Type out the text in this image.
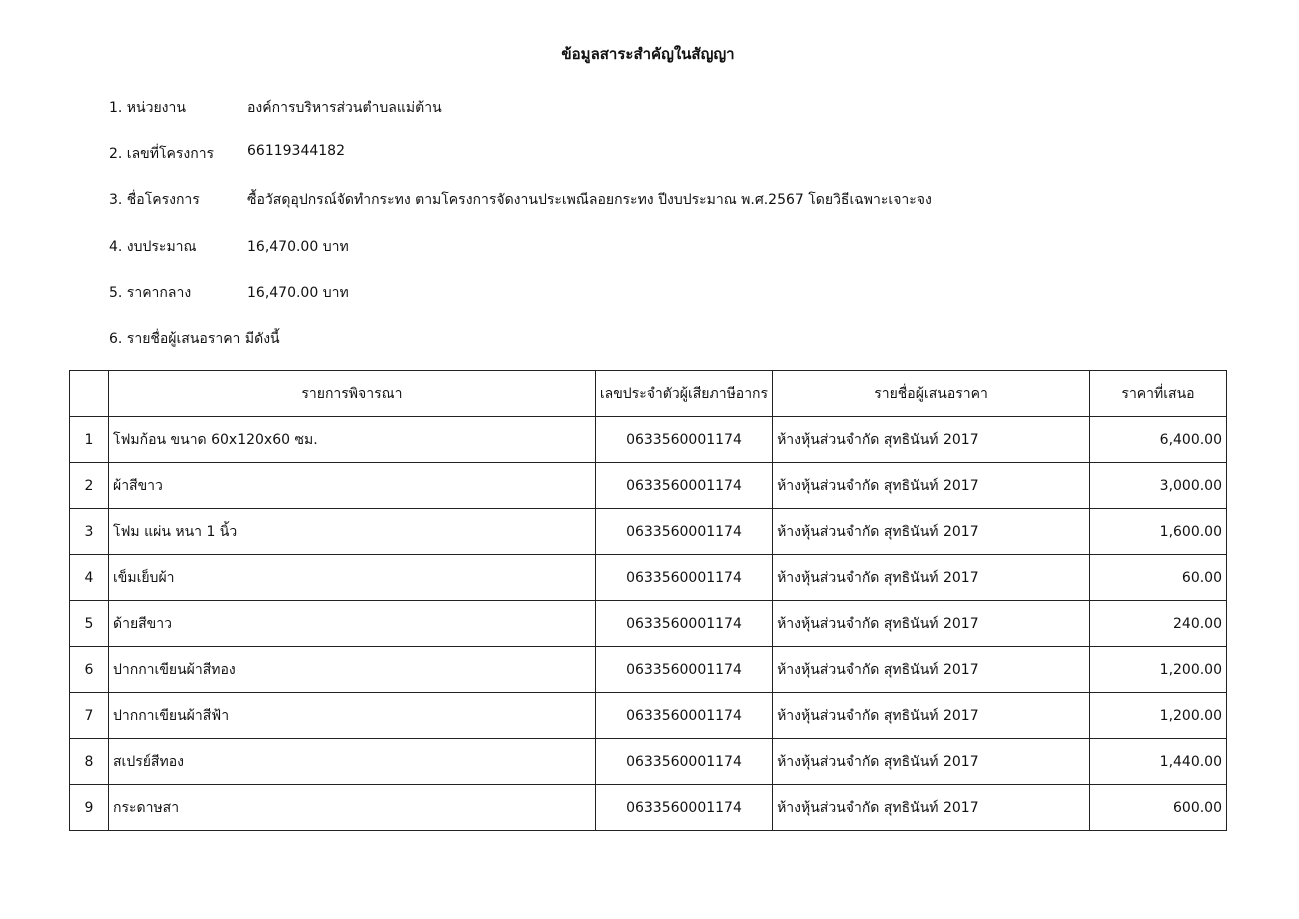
ข้อมูลสาระสำคัญในสัญญา
1. หน่วยงาน	องค์การบริหารส่วนตำบลแม่ต้าน
2. เลขที่โครงการ 66119344182
3. ชื่อโครงการ	ซื้อวัสดุอุปกรณ์จัดทำกระทง ตามโครงการจัดงานประเพณีลอยกระทง ปีงบประมาณ พ.ศ.2567 โดยวิธีเฉพาะเจาะจง
4. งบประมาณ	16,470.00 บาท
5. ราคากลาง	16,470.00 บาท
6. รายชื่อผู้เสนอราคา มีดังนี้
	รายการพิจารณา	เลขประจำตัวผู้เสียภาษีอากร	รายชื่อผู้เสนอราคา	ราคาที่เสนอ
1	โฟมก้อน ขนาด 60x120x60 ซม.	0633560001174	ห้างหุ้นส่วนจำกัด สุทธินันท์ 2017	6,400.00
2	ผ้าสีขาว	0633560001174	ห้างหุ้นส่วนจำกัด สุทธินันท์ 2017	3,000.00
3	โฟม แผ่น หนา 1 นิ้ว	0633560001174	ห้างหุ้นส่วนจำกัด สุทธินันท์ 2017	1,600.00
4	เข็มเย็บผ้า	0633560001174	ห้างหุ้นส่วนจำกัด สุทธินันท์ 2017	60.00
5	ด้ายสีขาว	0633560001174	ห้างหุ้นส่วนจำกัด สุทธินันท์ 2017	240.00
6	ปากกาเขียนผ้าสีทอง	0633560001174	ห้างหุ้นส่วนจำกัด สุทธินันท์ 2017	1,200.00
7	ปากกาเขียนผ้าสีฟ้า	0633560001174	ห้างหุ้นส่วนจำกัด สุทธินันท์ 2017	1,200.00
8	สเปรย์สีทอง	0633560001174	ห้างหุ้นส่วนจำกัด สุทธินันท์ 2017	1,440.00
9	กระดาษสา	0633560001174	ห้างหุ้นส่วนจำกัด สุทธินันท์ 2017	600.00
